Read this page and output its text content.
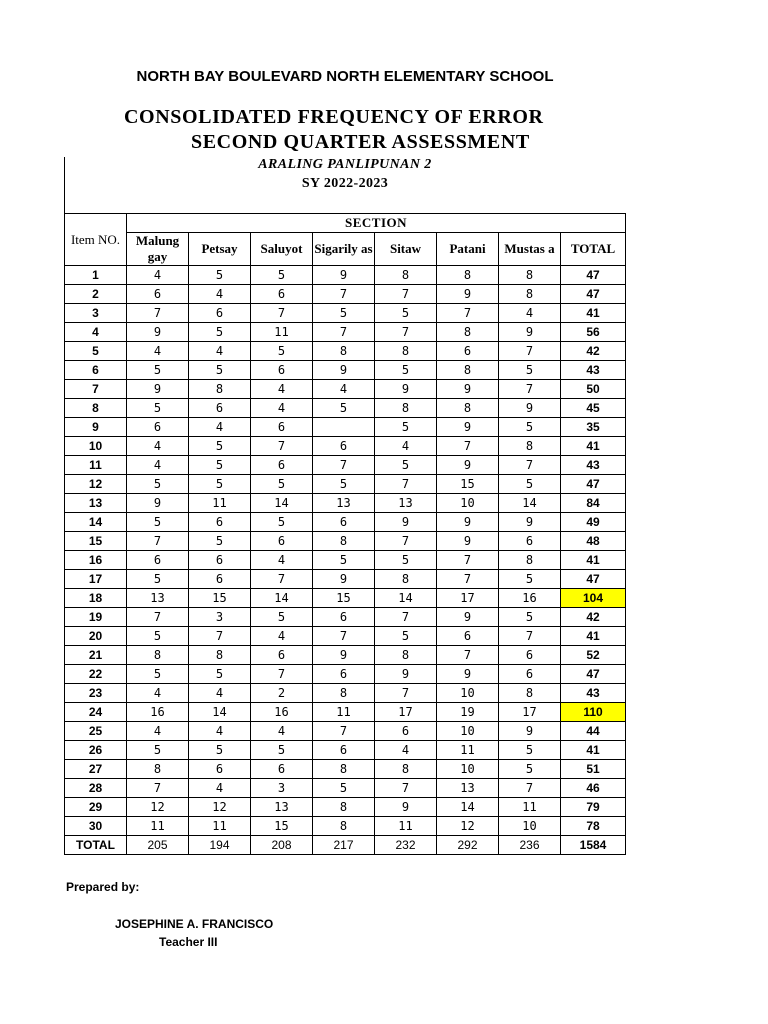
NORTH BAY BOULEVARD NORTH ELEMENTARY SCHOOL
CONSOLIDATED FREQUENCY OF ERROR
SECOND QUARTER ASSESSMENT
ARALING PANLIPUNAN 2
SY 2022-2023
Item NO.	SECTION							
	Malung gay	Petsay	Saluyot	Sigarily as	Sitaw	Patani	Mustas a	TOTAL
1	4	5	5	9	8	8	8	47
2	6	4	6	7	7	9	8	47
3	7	6	7	5	5	7	4	41
4	9	5	11	7	7	8	9	56
5	4	4	5	8	8	6	7	42
6	5	5	6	9	5	8	5	43
7	9	8	4	4	9	9	7	50
8	5	6	4	5	8	8	9	45
9	6	4	6		5	9	5	35
10	4	5	7	6	4	7	8	41
11	4	5	6	7	5	9	7	43
12	5	5	5	5	7	15	5	47
13	9	11	14	13	13	10	14	84
14	5	6	5	6	9	9	9	49
15	7	5	6	8	7	9	6	48
16	6	6	4	5	5	7	8	41
17	5	6	7	9	8	7	5	47
18	13	15	14	15	14	17	16	104
19	7	3	5	6	7	9	5	42
20	5	7	4	7	5	6	7	41
21	8	8	6	9	8	7	6	52
22	5	5	7	6	9	9	6	47
23	4	4	2	8	7	10	8	43
24	16	14	16	11	17	19	17	110
25	4	4	4	7	6	10	9	44
26	5	5	5	6	4	11	5	41
27	8	6	6	8	8	10	5	51
28	7	4	3	5	7	13	7	46
29	12	12	13	8	9	14	11	79
30	11	11	15	8	11	12	10	78
TOTAL	205	194	208	217	232	292	236	1584
Prepared by:
JOSEPHINE A. FRANCISCO
Teacher III
